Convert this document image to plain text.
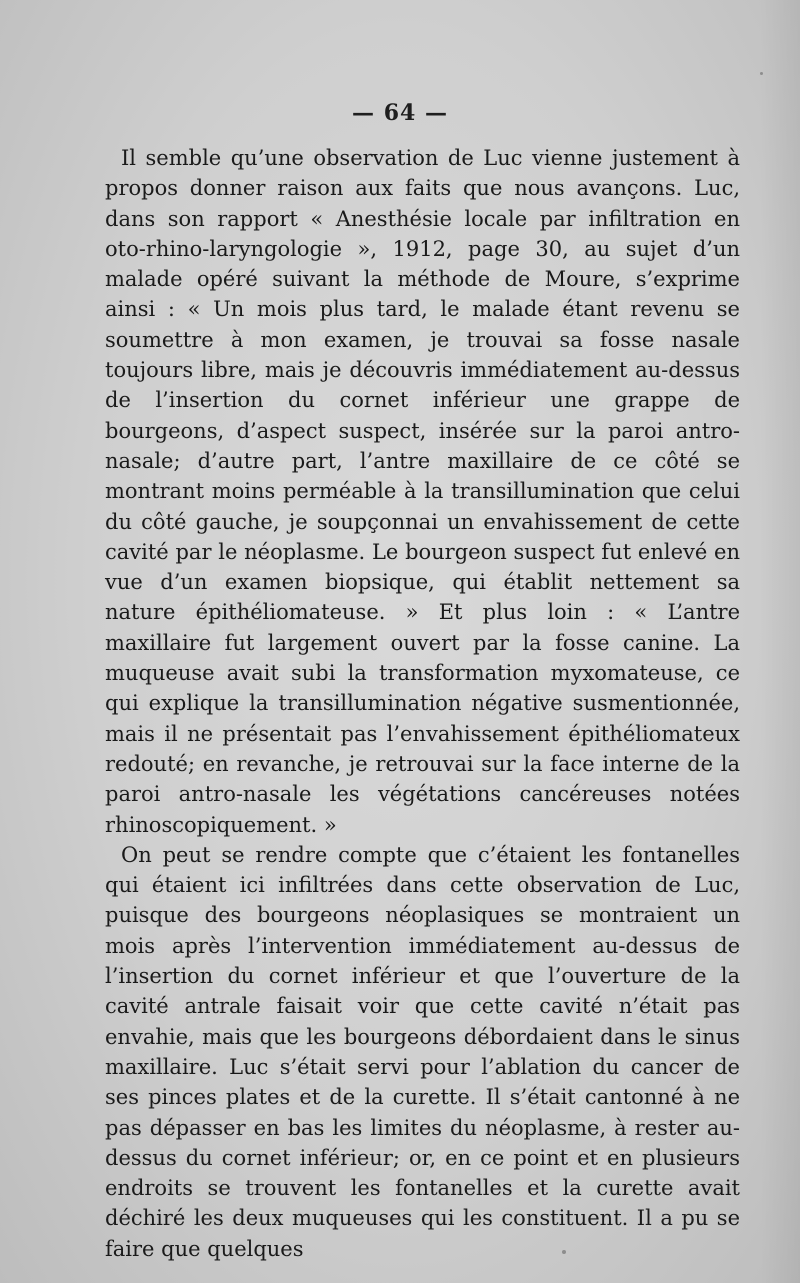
— 64 —

Il semble qu’une observation de Luc vienne justement à propos donner raison aux faits que nous avançons. Luc, dans son rapport « Anesthésie locale par infiltration en oto-rhino-laryngologie », 1912, page 30, au sujet d’un malade opéré suivant la méthode de Moure, s’exprime ainsi : « Un mois plus tard, le malade étant revenu se soumettre à mon examen, je trouvai sa fosse nasale toujours libre, mais je découvris immédiatement au-dessus de l’insertion du cornet inférieur une grappe de bourgeons, d’aspect suspect, insérée sur la paroi antro-nasale; d’autre part, l’antre maxillaire de ce côté se montrant moins perméable à la transillumination que celui du côté gauche, je soupçonnai un envahissement de cette cavité par le néoplasme. Le bourgeon suspect fut enlevé en vue d’un examen biopsique, qui établit nettement sa nature épithéliomateuse. » Et plus loin : « L’antre maxillaire fut largement ouvert par la fosse canine. La muqueuse avait subi la transformation myxomateuse, ce qui explique la transillumination négative susmentionnée, mais il ne présentait pas l’envahissement épithéliomateux redouté; en revanche, je retrouvai sur la face interne de la paroi antro-nasale les végétations cancéreuses notées rhinoscopiquement. »

On peut se rendre compte que c’étaient les fontanelles qui étaient ici infiltrées dans cette observation de Luc, puisque des bourgeons néoplasiques se montraient un mois après l’intervention immédiatement au-dessus de l’insertion du cornet inférieur et que l’ouverture de la cavité antrale faisait voir que cette cavité n’était pas envahie, mais que les bourgeons débordaient dans le sinus maxillaire. Luc s’était servi pour l’ablation du cancer de ses pinces plates et de la curette. Il s’était cantonné à ne pas dépasser en bas les limites du néoplasme, à rester au-dessus du cornet inférieur; or, en ce point et en plusieurs endroits se trouvent les fontanelles et la curette avait déchiré les deux muqueuses qui les constituent. Il a pu se faire que quelques
